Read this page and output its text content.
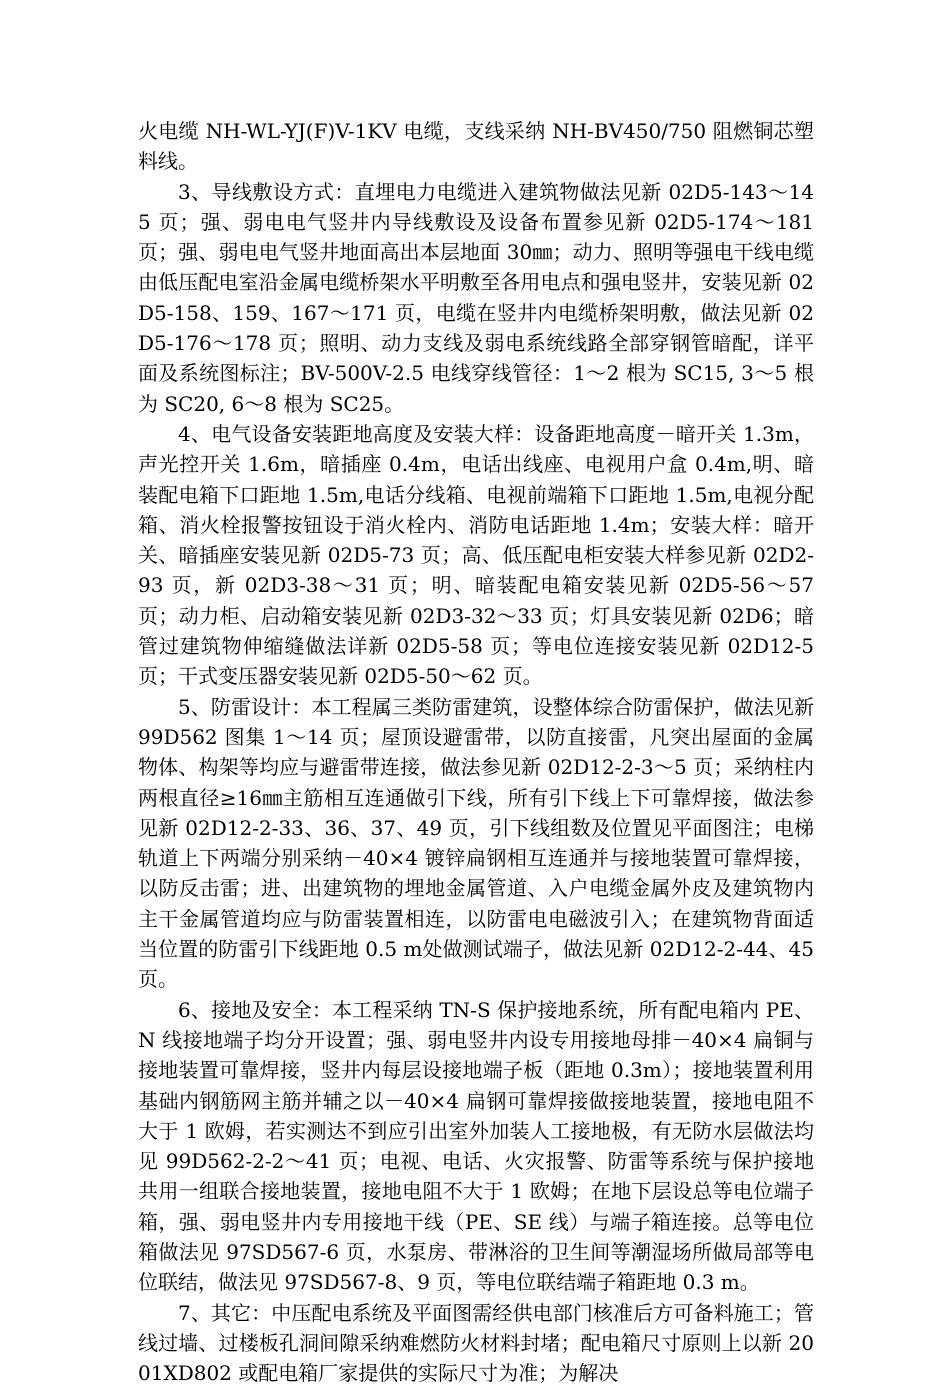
火电缆 NH-WL-YJ(F)V-1KV 电缆，支线采纳 NH-BV450/750 阻燃铜芯塑料线。

3、导线敷设方式：直埋电力电缆进入建筑物做法见新 02D5-143～145 页；强、弱电电气竖井内导线敷设及设备布置参见新 02D5-174～181 页；强、弱电电气竖井地面高出本层地面 30㎜；动力、照明等强电干线电缆由低压配电室沿金属电缆桥架水平明敷至各用电点和强电竖井，安装见新 02D5-158、159、167～171 页，电缆在竖井内电缆桥架明敷，做法见新 02D5-176～178 页；照明、动力支线及弱电系统线路全部穿钢管暗配，详平面及系统图标注；BV-500V-2.5 电线穿线管径：1～2 根为 SC15, 3～5 根为 SC20, 6～8 根为 SC25。

4、电气设备安装距地高度及安装大样：设备距地高度－暗开关 1.3m，声光控开关 1.6m，暗插座 0.4m，电话出线座、电视用户盒 0.4m,明、暗装配电箱下口距地 1.5m,电话分线箱、电视前端箱下口距地 1.5m,电视分配箱、消火栓报警按钮设于消火栓内、消防电话距地 1.4m；安装大样：暗开关、暗插座安装见新 02D5-73 页；高、低压配电柜安装大样参见新 02D2-93 页，新 02D3-38～31 页；明、暗装配电箱安装见新 02D5-56～57 页；动力柜、启动箱安装见新 02D3-32～33 页；灯具安装见新 02D6；暗管过建筑物伸缩缝做法详新 02D5-58 页；等电位连接安装见新 02D12-5 页；干式变压器安装见新 02D5-50～62 页。

5、防雷设计：本工程属三类防雷建筑，设整体综合防雷保护，做法见新 99D562 图集 1～14 页；屋顶设避雷带，以防直接雷，凡突出屋面的金属物体、构架等均应与避雷带连接，做法参见新 02D12-2-3～5 页；采纳柱内两根直径≥16㎜主筋相互连通做引下线，所有引下线上下可靠焊接，做法参见新 02D12-2-33、36、37、49 页，引下线组数及位置见平面图注；电梯轨道上下两端分别采纳－40×4 镀锌扁钢相互连通并与接地装置可靠焊接，以防反击雷；进、出建筑物的埋地金属管道、入户电缆金属外皮及建筑物内主干金属管道均应与防雷装置相连，以防雷电电磁波引入；在建筑物背面适当位置的防雷引下线距地 0.5 m处做测试端子，做法见新 02D12-2-44、45 页。

6、接地及安全：本工程采纳 TN-S 保护接地系统，所有配电箱内 PE、N 线接地端子均分开设置；强、弱电竖井内设专用接地母排－40×4 扁铜与接地装置可靠焊接，竖井内每层设接地端子板（距地 0.3m）；接地装置利用基础内钢筋网主筋并辅之以－40×4 扁钢可靠焊接做接地装置，接地电阻不大于 1 欧姆，若实测达不到应引出室外加装人工接地极，有无防水层做法均见 99D562-2-2～41 页；电视、电话、火灾报警、防雷等系统与保护接地共用一组联合接地装置，接地电阻不大于 1 欧姆；在地下层设总等电位端子箱，强、弱电竖井内专用接地干线（PE、SE 线）与端子箱连接。总等电位箱做法见 97SD567-6 页，水泵房、带淋浴的卫生间等潮湿场所做局部等电位联结，做法见 97SD567-8、9 页，等电位联结端子箱距地 0.3 m。

7、其它：中压配电系统及平面图需经供电部门核准后方可备料施工；管线过墙、过楼板孔洞间隙采纳难燃防火材料封堵；配电箱尺寸原则上以新 2001XD802 或配电箱厂家提供的实际尺寸为准；为解决
